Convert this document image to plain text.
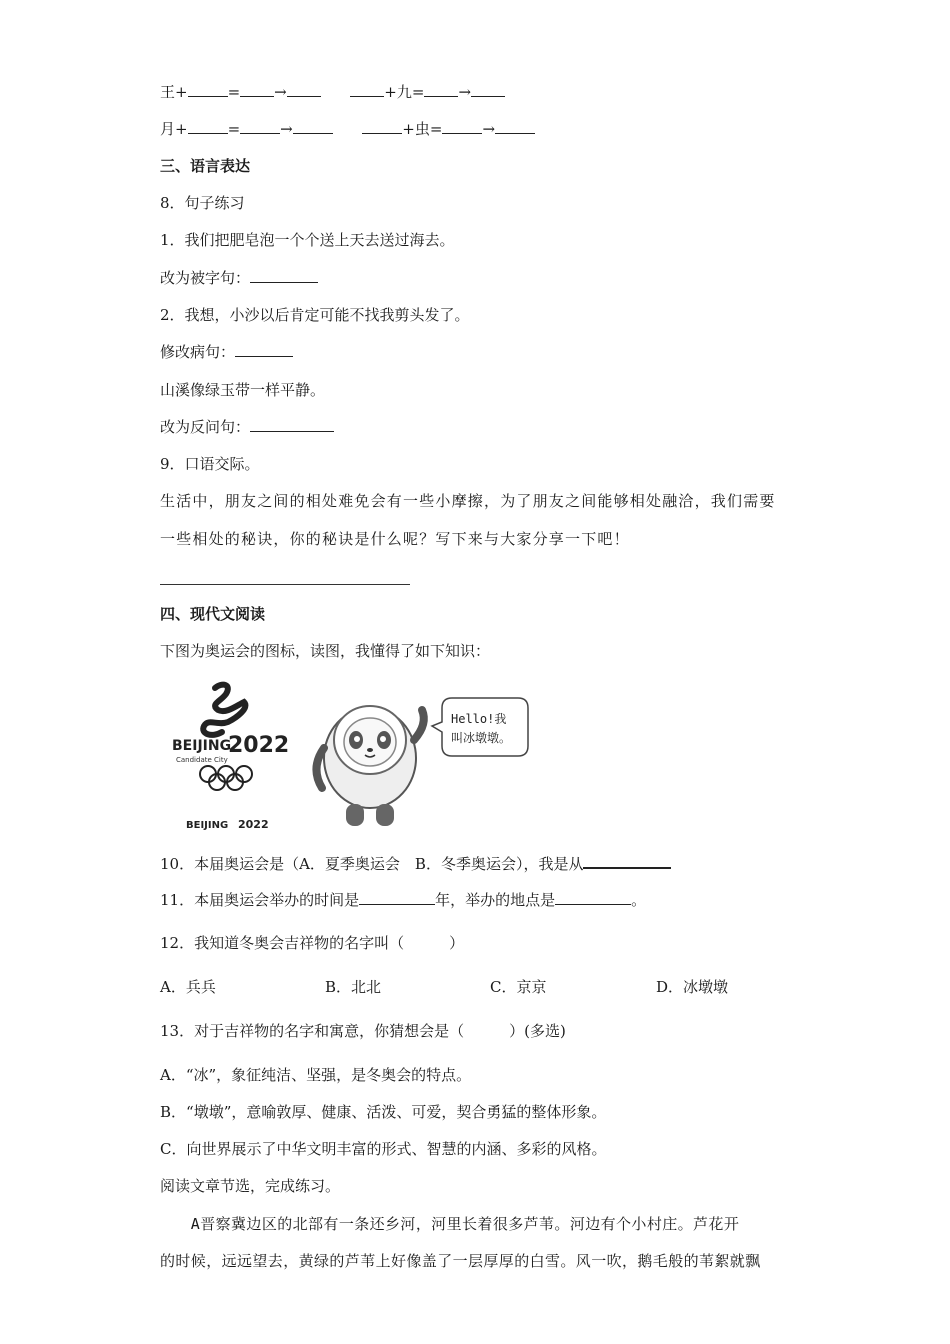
王+	= →	+九= →
月+	=	→	+虫=	→
三、语言表达
8．句子练习
1．我们把肥皂泡一个个送上天去送过海去。
改为被字句：
2．我想，小沙以后肯定可能不找我剪头发了。
修改病句：
山溪像绿玉带一样平静。
改为反问句：
9．口语交际。
生活中，朋友之间的相处难免会有一些小摩擦，为了朋友之间能够相处融洽，我们需要
一些相处的秘诀，你的秘诀是什么呢？写下来与大家分享一下吧！
四、现代文阅读
下图为奥运会的图标，读图，我懂得了如下知识：
BEIJING
2022
Candidate City
BEIJING 2022
Hello!我
叫冰墩墩。
10．本届奥运会是（A．夏季奥运会　B．冬季奥运会），我是从
11．本届奥运会举办的时间是	年，举办的地点是	。
12．我知道冬奥会吉祥物的名字叫（　　　）
A．兵兵	B．北北	C．京京	D．冰墩墩
13．对于吉祥物的名字和寓意，你猜想会是（　　　）(多选)
A．“冰”，象征纯洁、坚强，是冬奥会的特点。
B．“墩墩”，意喻敦厚、健康、活泼、可爱，契合勇猛的整体形象。
C．向世界展示了中华文明丰富的形式、智慧的内涵、多彩的风格。
阅读文章节选，完成练习。
　　A晋察冀边区的北部有一条还乡河，河里长着很多芦苇。河边有个小村庄。芦花开
的时候，远远望去，黄绿的芦苇上好像盖了一层厚厚的白雪。风一吹，鹅毛般的苇絮就飘
